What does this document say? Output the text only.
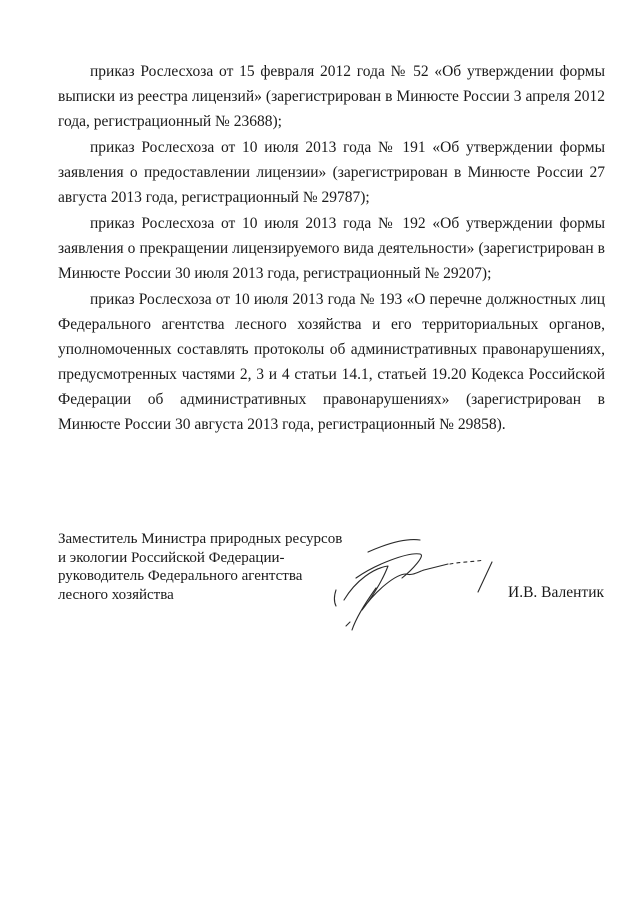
приказ Рослесхоза от 15 февраля 2012 года № 52 «Об утверждении формы выписки из реестра лицензий» (зарегистрирован в Минюсте России 3 апреля 2012 года, регистрационный № 23688);

приказ Рослесхоза от 10 июля 2013 года № 191 «Об утверждении формы заявления о предоставлении лицензии» (зарегистрирован в Минюсте России 27 августа 2013 года, регистрационный № 29787);

приказ Рослесхоза от 10 июля 2013 года № 192 «Об утверждении формы заявления о прекращении лицензируемого вида деятельности» (зарегистрирован в Минюсте России 30 июля 2013 года, регистрационный № 29207);

приказ Рослесхоза от 10 июля 2013 года № 193 «О перечне должностных лиц Федерального агентства лесного хозяйства и его территориальных органов, уполномоченных составлять протоколы об административных правонарушениях, предусмотренных частями 2, 3 и 4 статьи 14.1, статьей 19.20 Кодекса Российской Федерации об административных правонарушениях» (зарегистрирован в Минюсте России 30 августа 2013 года, регистрационный № 29858).

Заместитель Министра природных ресурсов
и экологии Российской Федерации-
руководитель Федерального агентства
лесного хозяйства	И.В. Валентик
